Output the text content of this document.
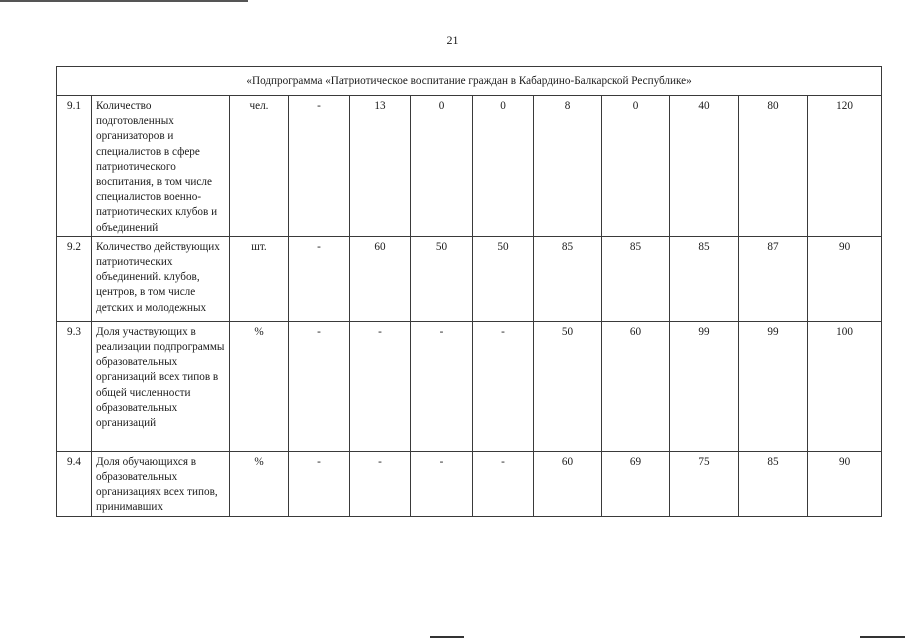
21
«Подпрограмма «Патриотическое воспитание граждан в Кабардино-Балкарской Республике»											
9.1	Количество подготовленных организаторов и специалистов в сфере патриотического воспитания, в том числе специалистов военно-патриотических клубов и объединений	чел.	-	13	0	0	8	0	40	80	120
9.2	Количество действующих патриотических объединений. клубов, центров, в том числе детских и молодежных	шт.	-	60	50	50	85	85	85	87	90
9.3	Доля участвующих в реализации подпрограммы образовательных организаций всех типов в общей численности образовательных организаций	%	-	-	-	-	50	60	99	99	100
9.4	Доля обучающихся в образовательных организациях всех типов, принимавших	%	-	-	-	-	60	69	75	85	90
